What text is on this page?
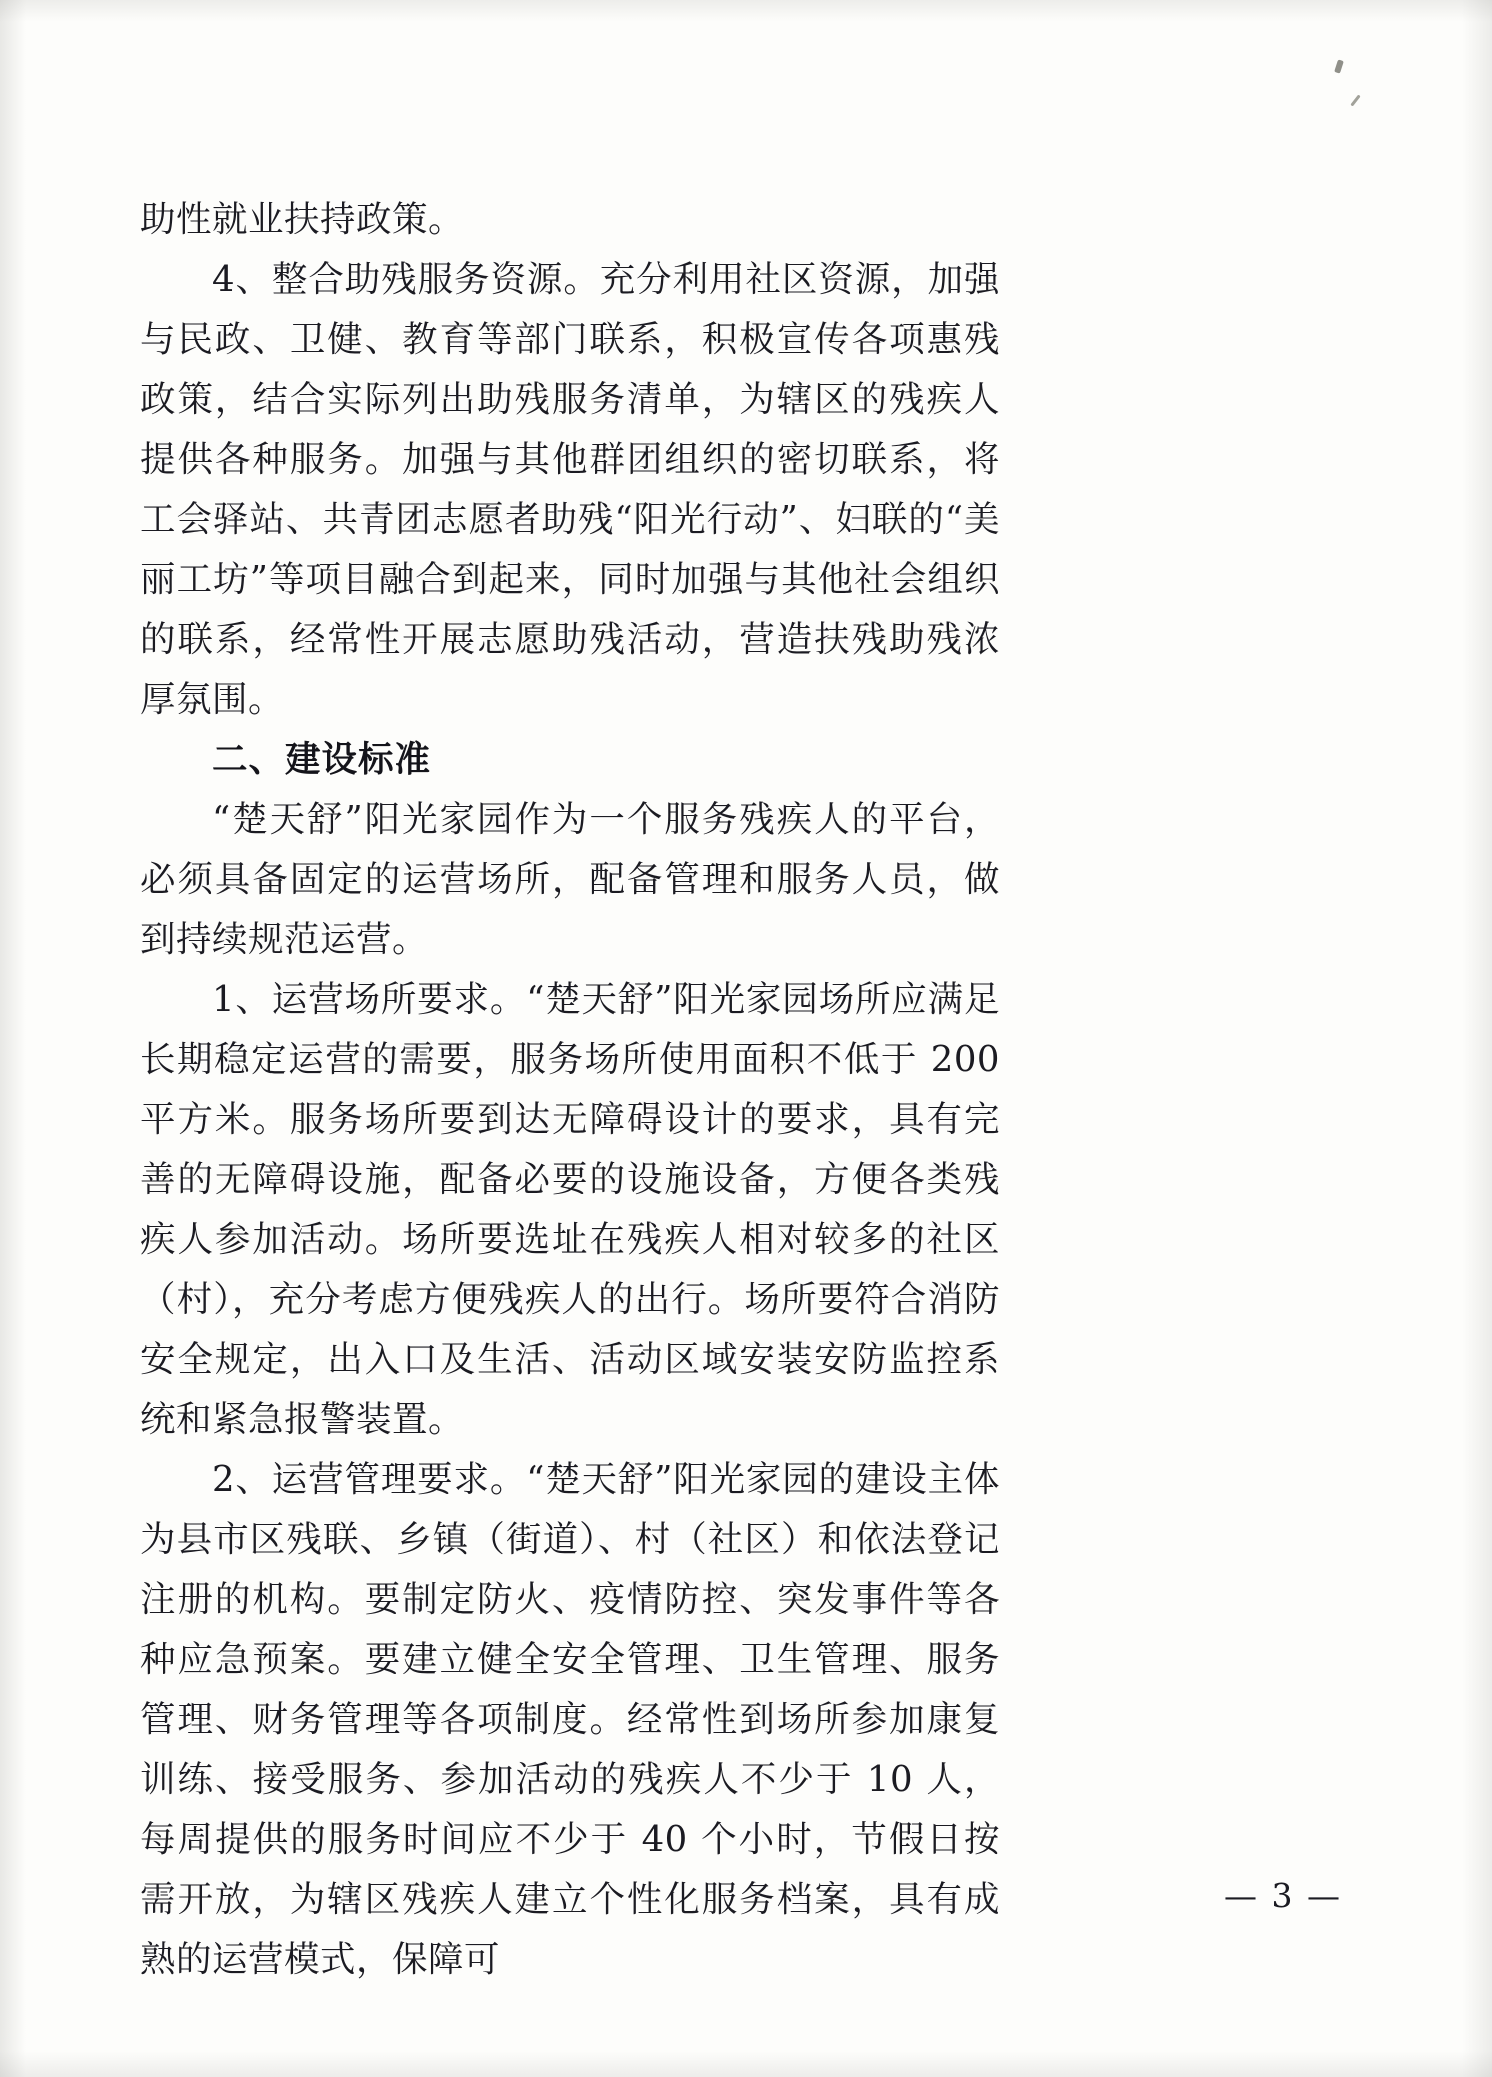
助性就业扶持政策。

4、整合助残服务资源。充分利用社区资源，加强与民政、卫健、教育等部门联系，积极宣传各项惠残政策，结合实际列出助残服务清单，为辖区的残疾人提供各种服务。加强与其他群团组织的密切联系，将工会驿站、共青团志愿者助残“阳光行动”、妇联的“美丽工坊”等项目融合到起来，同时加强与其他社会组织的联系，经常性开展志愿助残活动，营造扶残助残浓厚氛围。

二、建设标准

“楚天舒”阳光家园作为一个服务残疾人的平台，必须具备固定的运营场所，配备管理和服务人员，做到持续规范运营。

1、运营场所要求。“楚天舒”阳光家园场所应满足长期稳定运营的需要，服务场所使用面积不低于 200 平方米。服务场所要到达无障碍设计的要求，具有完善的无障碍设施，配备必要的设施设备，方便各类残疾人参加活动。场所要选址在残疾人相对较多的社区（村），充分考虑方便残疾人的出行。场所要符合消防安全规定，出入口及生活、活动区域安装安防监控系统和紧急报警装置。

2、运营管理要求。“楚天舒”阳光家园的建设主体为县市区残联、乡镇（街道）、村（社区）和依法登记注册的机构。要制定防火、疫情防控、突发事件等各种应急预案。要建立健全安全管理、卫生管理、服务管理、财务管理等各项制度。经常性到场所参加康复训练、接受服务、参加活动的残疾人不少于 10 人，每周提供的服务时间应不少于 40 个小时，节假日按需开放，为辖区残疾人建立个性化服务档案，具有成熟的运营模式，保障可

— 3 —
